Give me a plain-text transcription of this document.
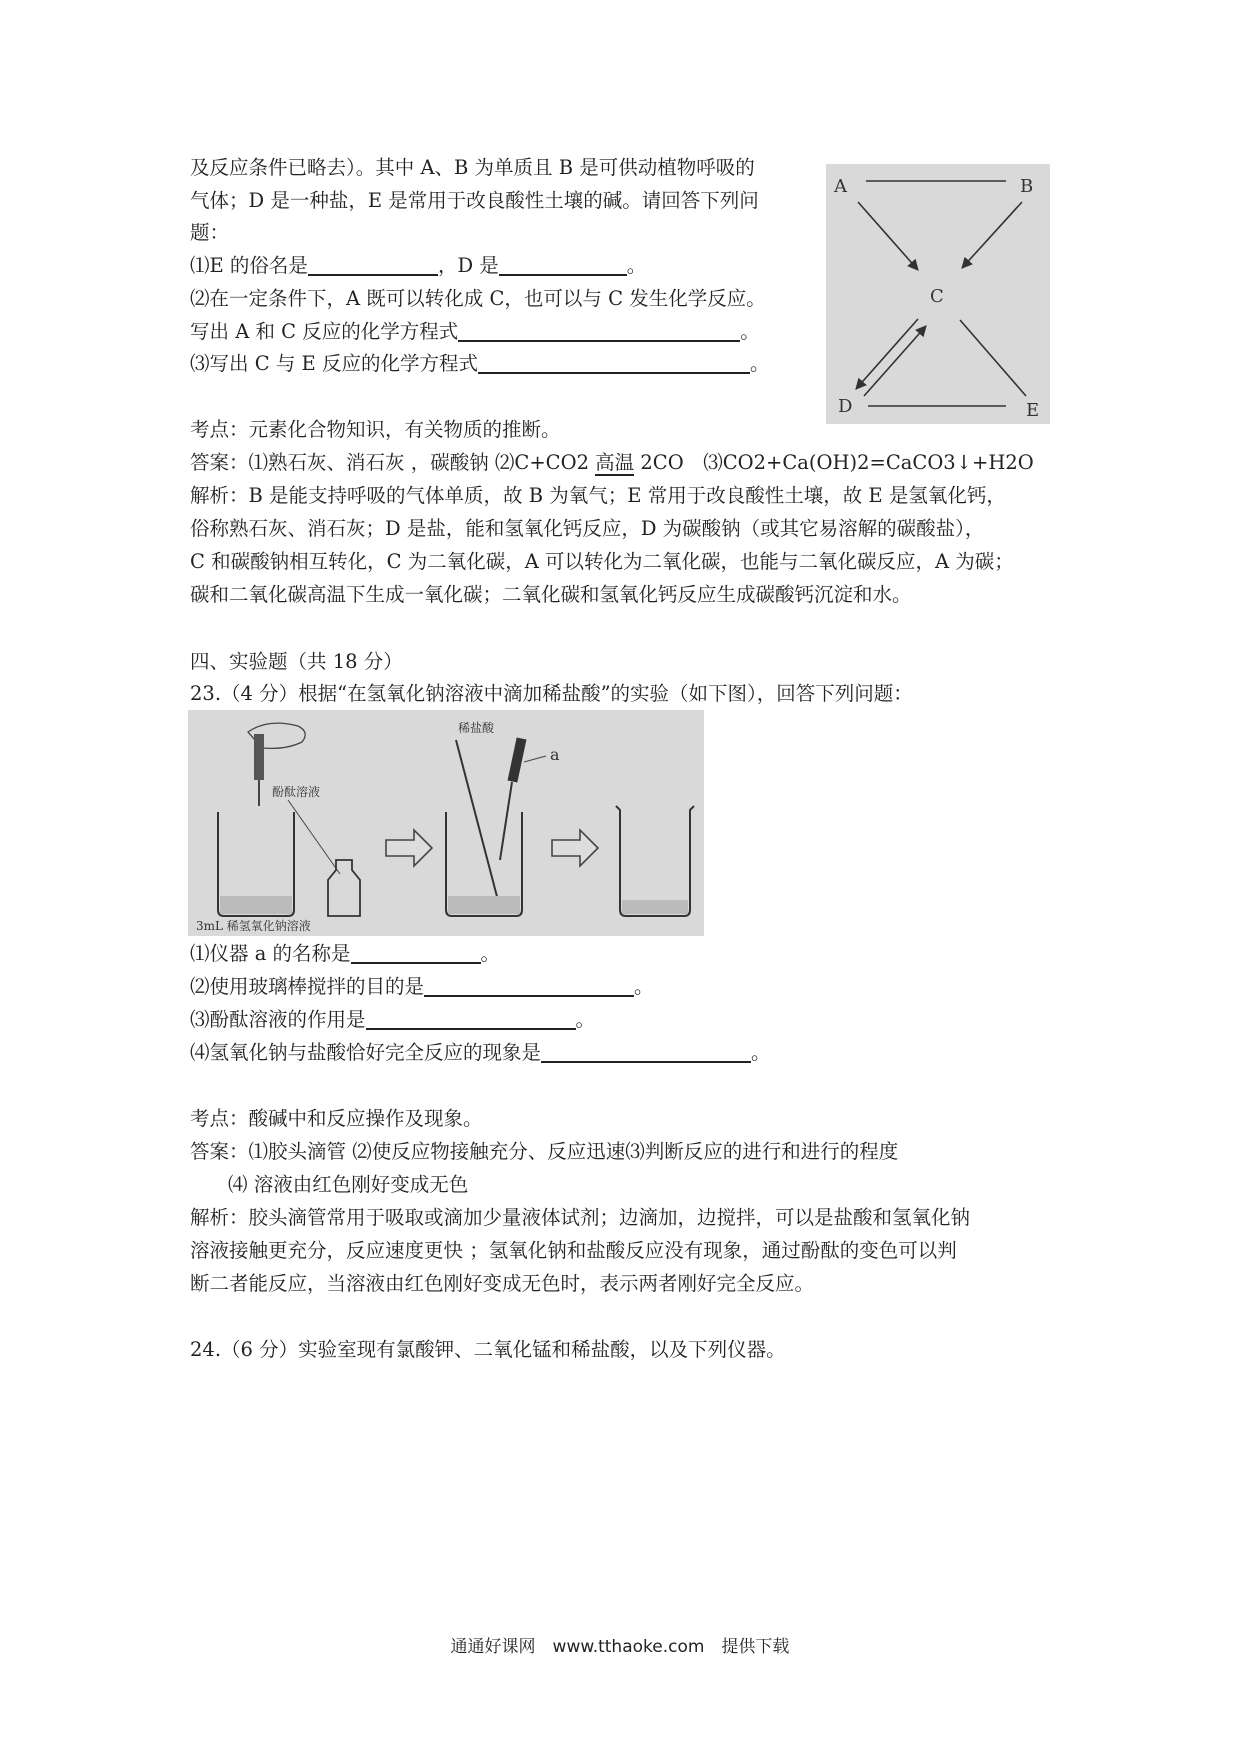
及反应条件已略去）。其中 A、B 为单质且 B 是可供动植物呼吸的
气体；D 是一种盐，E 是常用于改良酸性土壤的碱。请回答下列问
题：
⑴E 的俗名是	，D 是	。
⑵在一定条件下，A 既可以转化成 C，也可以与 C 发生化学反应。
写出 A 和 C 反应的化学方程式	。
⑶写出 C 与 E 反应的化学方程式	。
A	B
C
D	E
考点：元素化合物知识，有关物质的推断。
答案：⑴熟石灰、消石灰 ，碳酸钠 ⑵C+CO2 高温 2CO　⑶CO2+Ca(OH)2=CaCO3↓+H2O
解析：B 是能支持呼吸的气体单质，故 B 为氧气；E 常用于改良酸性土壤，故 E 是氢氧化钙，
俗称熟石灰、消石灰；D 是盐，能和氢氧化钙反应，D 为碳酸钠（或其它易溶解的碳酸盐），
C 和碳酸钠相互转化，C 为二氧化碳，A 可以转化为二氧化碳，也能与二氧化碳反应，A 为碳；
碳和二氧化碳高温下生成一氧化碳；二氧化碳和氢氧化钙反应生成碳酸钙沉淀和水。
四、实验题（共 18 分）
23.（4 分）根据“在氢氧化钠溶液中滴加稀盐酸”的实验（如下图），回答下列问题：
酚酞溶液
3mL 稀氢氧化钠溶液
稀盐酸
a
⑴仪器 a 的名称是	。
⑵使用玻璃棒搅拌的目的是	。
⑶酚酞溶液的作用是	。
⑷氢氧化钠与盐酸恰好完全反应的现象是	。
考点：酸碱中和反应操作及现象。
答案：⑴胶头滴管 ⑵使反应物接触充分、反应迅速⑶判断反应的进行和进行的程度
⑷ 溶液由红色刚好变成无色
解析：胶头滴管常用于吸取或滴加少量液体试剂；边滴加，边搅拌，可以是盐酸和氢氧化钠
溶液接触更充分，反应速度更快 ；氢氧化钠和盐酸反应没有现象，通过酚酞的变色可以判
断二者能反应，当溶液由红色刚好变成无色时，表示两者刚好完全反应。
24.（6 分）实验室现有氯酸钾、二氧化锰和稀盐酸，以及下列仪器。
通通好课网　www.tthaoke.com　提供下载
